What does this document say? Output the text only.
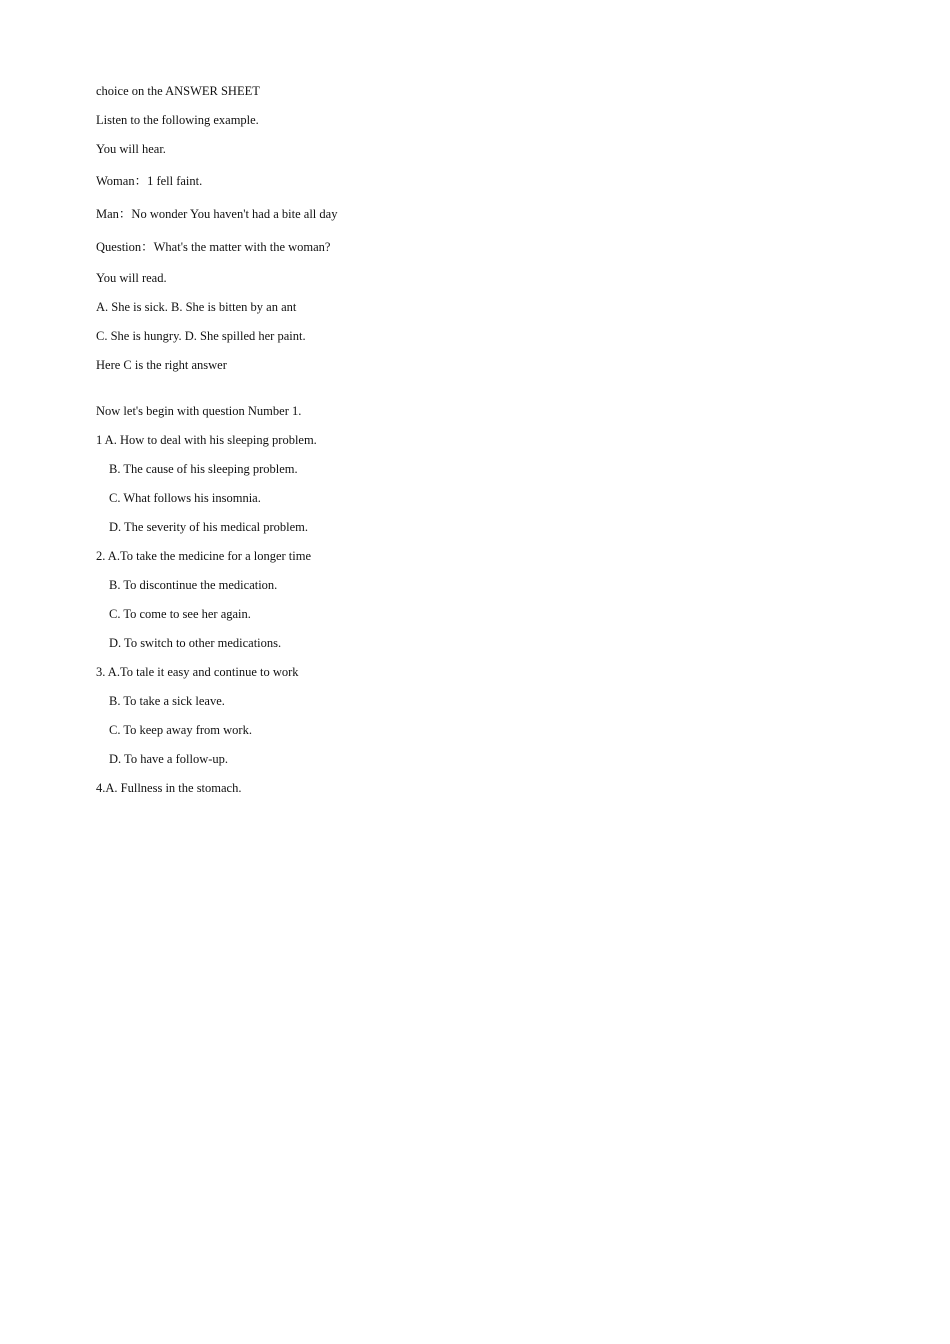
choice on the ANSWER SHEET
Listen to the following example.
You will hear.
Woman：1 fell faint.
Man：No wonder You haven't had a bite all day
Question：What's the matter with the woman?
You will read.
A. She is sick. B. She is bitten by an ant
C. She is hungry. D. She spilled her paint.
Here C is the right answer
Now let's begin with question Number 1.
1 A. How to deal with his sleeping problem.
B. The cause of his sleeping problem.
C. What follows his insomnia.
D. The severity of his medical problem.
2. A.To take the medicine for a longer time
B. To discontinue the medication.
C. To come to see her again.
D. To switch to other medications.
3. A.To tale it easy and continue to work
B. To take a sick leave.
C. To keep away from work.
D. To have a follow-up.
4.A. Fullness in the stomach.
